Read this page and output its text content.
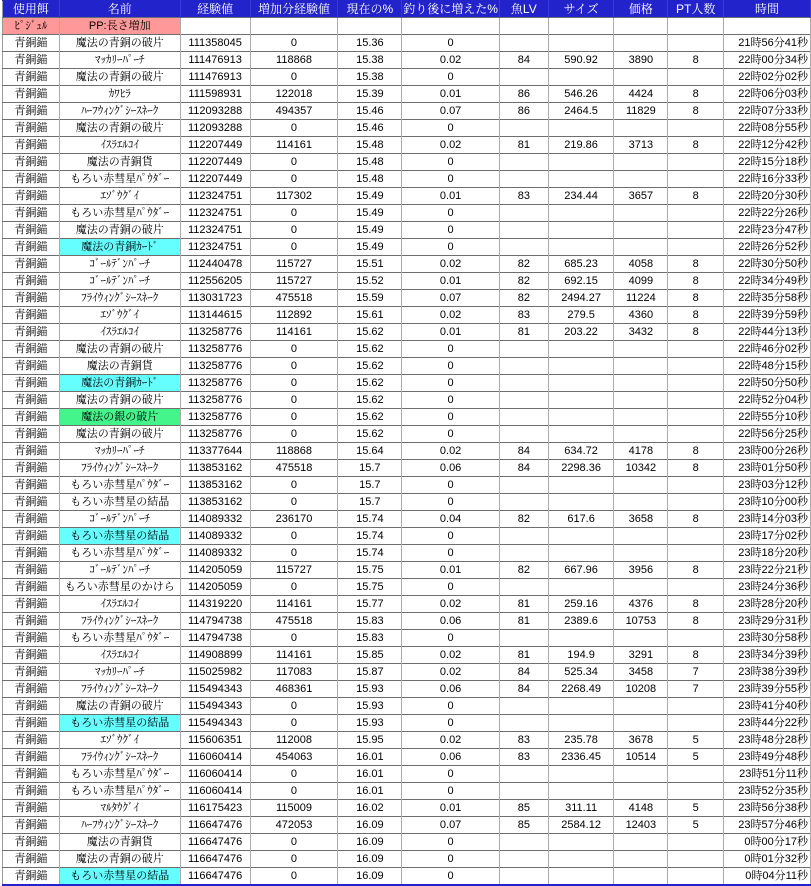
使用餌	名前	経験値	増加分経験値	現在の%	釣り後に増えた%	魚LV	サイズ	価格	PT人数	時間
ﾋﾟｼﾞｭﾙ	PP:長さ増加									
青銅錨	魔法の青銅の破片	111358045	0	15.36	0					21時56分41秒
青銅錨	ﾏｯｶﾘｰﾊﾟｰﾁ	111476913	118868	15.38	0.02	84	590.92	3890	8	22時00分34秒
青銅錨	魔法の青銅の破片	111476913	0	15.38	0					22時02分02秒
青銅錨	ｶﾜﾋﾗ	111598931	122018	15.39	0.01	86	546.26	4424	8	22時06分03秒
青銅錨	ﾊｰﾌｳｨﾝｸﾞｼｰｽﾈｰｸ	112093288	494357	15.46	0.07	86	2464.5	11829	8	22時07分33秒
青銅錨	魔法の青銅の破片	112093288	0	15.46	0					22時08分55秒
青銅錨	ｲｽﾗｴﾙｺｲ	112207449	114161	15.48	0.02	81	219.86	3713	8	22時12分42秒
青銅錨	魔法の青銅貨	112207449	0	15.48	0					22時15分18秒
青銅錨	もろい赤彗星ﾊﾟｳﾀﾞｰ	112207449	0	15.48	0					22時16分33秒
青銅錨	ｴｿﾞｳｸﾞｲ	112324751	117302	15.49	0.01	83	234.44	3657	8	22時20分30秒
青銅錨	もろい赤彗星ﾊﾟｳﾀﾞｰ	112324751	0	15.49	0					22時22分26秒
青銅錨	魔法の青銅の破片	112324751	0	15.49	0					22時23分47秒
青銅錨	魔法の青銅ｶｰﾄﾞ	112324751	0	15.49	0					22時26分52秒
青銅錨	ｺﾞｰﾙﾃﾞﾝﾊﾟｰﾁ	112440478	115727	15.51	0.02	82	685.23	4058	8	22時30分50秒
青銅錨	ｺﾞｰﾙﾃﾞﾝﾊﾟｰﾁ	112556205	115727	15.52	0.01	82	692.15	4099	8	22時34分49秒
青銅錨	ﾌﾗｲｳｨﾝｸﾞｼｰｽﾈｰｸ	113031723	475518	15.59	0.07	82	2494.27	11224	8	22時35分58秒
青銅錨	ｴｿﾞｳｸﾞｲ	113144615	112892	15.61	0.02	83	279.5	4360	8	22時39分59秒
青銅錨	ｲｽﾗｴﾙｺｲ	113258776	114161	15.62	0.01	81	203.22	3432	8	22時44分13秒
青銅錨	魔法の青銅の破片	113258776	0	15.62	0					22時46分02秒
青銅錨	魔法の青銅貨	113258776	0	15.62	0					22時48分15秒
青銅錨	魔法の青銅ｶｰﾄﾞ	113258776	0	15.62	0					22時50分50秒
青銅錨	魔法の青銅の破片	113258776	0	15.62	0					22時52分04秒
青銅錨	魔法の銀の破片	113258776	0	15.62	0					22時55分10秒
青銅錨	魔法の青銅の破片	113258776	0	15.62	0					22時56分25秒
青銅錨	ﾏｯｶﾘｰﾊﾟｰﾁ	113377644	118868	15.64	0.02	84	634.72	4178	8	23時00分26秒
青銅錨	ﾌﾗｲｳｨﾝｸﾞｼｰｽﾈｰｸ	113853162	475518	15.7	0.06	84	2298.36	10342	8	23時01分50秒
青銅錨	もろい赤彗星ﾊﾟｳﾀﾞｰ	113853162	0	15.7	0					23時03分12秒
青銅錨	もろい赤彗星の結晶	113853162	0	15.7	0					23時10分00秒
青銅錨	ｺﾞｰﾙﾃﾞﾝﾊﾟｰﾁ	114089332	236170	15.74	0.04	82	617.6	3658	8	23時14分03秒
青銅錨	もろい赤彗星の結晶	114089332	0	15.74	0					23時17分02秒
青銅錨	もろい赤彗星ﾊﾟｳﾀﾞｰ	114089332	0	15.74	0					23時18分20秒
青銅錨	ｺﾞｰﾙﾃﾞﾝﾊﾟｰﾁ	114205059	115727	15.75	0.01	82	667.96	3956	8	23時22分21秒
青銅錨	もろい赤彗星のかけら	114205059	0	15.75	0					23時24分36秒
青銅錨	ｲｽﾗｴﾙｺｲ	114319220	114161	15.77	0.02	81	259.16	4376	8	23時28分20秒
青銅錨	ﾌﾗｲｳｨﾝｸﾞｼｰｽﾈｰｸ	114794738	475518	15.83	0.06	81	2389.6	10753	8	23時29分31秒
青銅錨	もろい赤彗星ﾊﾟｳﾀﾞｰ	114794738	0	15.83	0					23時30分58秒
青銅錨	ｲｽﾗｴﾙｺｲ	114908899	114161	15.85	0.02	81	194.9	3291	8	23時34分39秒
青銅錨	ﾏｯｶﾘｰﾊﾟｰﾁ	115025982	117083	15.87	0.02	84	525.34	3458	7	23時38分39秒
青銅錨	ﾌﾗｲｳｨﾝｸﾞｼｰｽﾈｰｸ	115494343	468361	15.93	0.06	84	2268.49	10208	7	23時39分55秒
青銅錨	魔法の青銅の破片	115494343	0	15.93	0					23時41分40秒
青銅錨	もろい赤彗星の結晶	115494343	0	15.93	0					23時44分22秒
青銅錨	ｴｿﾞｳｸﾞｲ	115606351	112008	15.95	0.02	83	235.78	3678	5	23時48分28秒
青銅錨	ﾌﾗｲｳｨﾝｸﾞｼｰｽﾈｰｸ	116060414	454063	16.01	0.06	83	2336.45	10514	5	23時49分48秒
青銅錨	もろい赤彗星ﾊﾟｳﾀﾞｰ	116060414	0	16.01	0					23時51分11秒
青銅錨	もろい赤彗星ﾊﾟｳﾀﾞｰ	116060414	0	16.01	0					23時52分35秒
青銅錨	ﾏﾙﾀｳｸﾞｲ	116175423	115009	16.02	0.01	85	311.11	4148	5	23時56分38秒
青銅錨	ﾊｰﾌｳｨﾝｸﾞｼｰｽﾈｰｸ	116647476	472053	16.09	0.07	85	2584.12	12403	5	23時57分46秒
青銅錨	魔法の青銅貨	116647476	0	16.09	0					0時00分17秒
青銅錨	魔法の青銅の破片	116647476	0	16.09	0					0時01分32秒
青銅錨	もろい赤彗星の結晶	116647476	0	16.09	0					0時04分11秒
